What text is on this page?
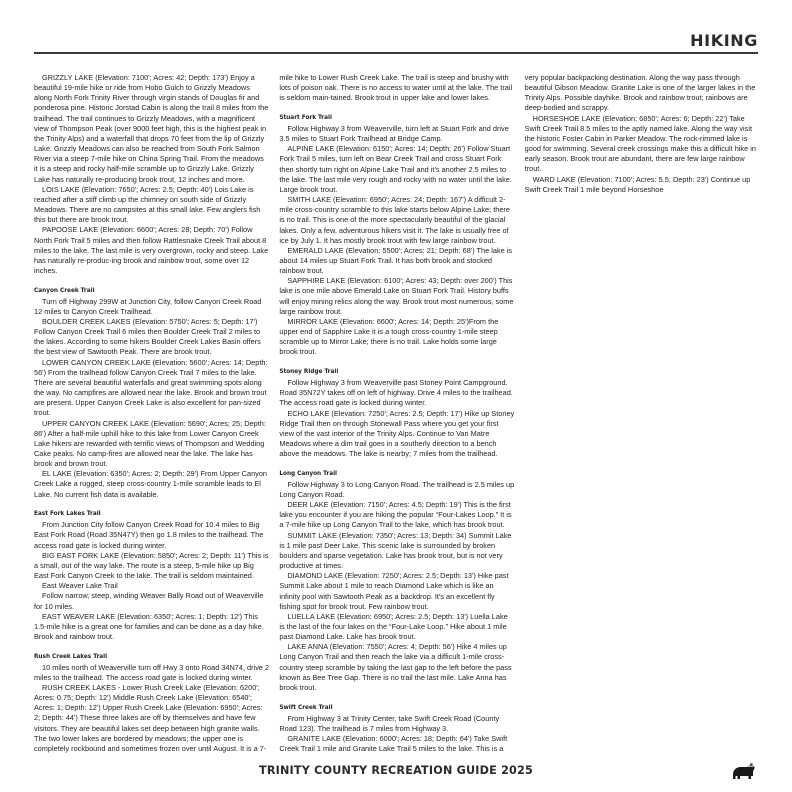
HIKING

GRIZZLY LAKE (Elevation: 7100'; Acres: 42; Depth: 173') Enjoy a beautiful 19-mile hike or ride from Hobo Gulch to Grizzly Meadows along North Fork Trinity River through virgin stands of Douglas fir and ponderosa pine. Historic Jorstad Cabin is along the trail 8 miles from the trailhead. The trail continues to Grizzly Meadows, with a magnificent view of Thompson Peak (over 9000 feet high, this is the highest peak in the Trinity Alps) and a waterfall that drops 70 feet from the lip of Grizzly Lake. Grizzly Meadows can also be reached from South Fork Salmon River via a steep 7-mile hike on China Spring Trail. From the meadows it is a steep and rocky half-mile scramble up to Grizzly Lake. Grizzly Lake has naturally re-producing brook trout, 12 inches and more.

LOIS LAKE (Elevation: 7650'; Acres: 2.5; Depth: 40') Lois Lake is reached after a stiff climb up the chimney on south side of Grizzly Meadows. There are no campsites at this small lake. Few anglers fish this but there are brook trout.

PAPOOSE LAKE (Elevation: 6600'; Acres: 28; Depth: 70') Follow North Fork Trail 5 miles and then follow Rattlesnake Creek Trail about 8 miles to the lake. The last mile is very overgrown, rocky and steep. Lake has naturally re-produc-ing brook and rainbow trout, some over 12 inches.

Canyon Creek Trail

Turn off Highway 299W at Junction City, follow Canyon Creek Road 12 miles to Canyon Creek Trailhead.

BOULDER CREEK LAKES (Elevation: 5750'; Acres: 5; Depth: 17') Follow Canyon Creek Trail 6 miles then Boulder Creek Trail 2 miles to the lakes. According to some hikers Boulder Creek Lakes Basin offers the best view of Sawtooth Peak. There are brook trout.

LOWER CANYON CREEK LAKE (Elevation: 5600'; Acres: 14; Depth: 56') From the trailhead follow Canyon Creek Trail 7 miles to the lake. There are several beautiful waterfalls and great swimming spots along the way. No campfires are allowed near the lake. Brook and brown trout are present. Upper Canyon Creek Lake is also excellent for pan-sized trout.

UPPER CANYON CREEK LAKE (Elevation: 5690'; Acres; 25; Depth: 86') After a half-mile uphill hike to this lake from Lower Canyon Creek Lake hikers are rewarded with terrific views of Thompson and Wedding Cake peaks. No camp-fires are allowed near the lake. The lake has brook and brown trout.

EL LAKE (Elevation: 6350'; Acres: 2; Depth: 29') From Upper Canyon Creek Lake a rugged, steep cross-country 1-mile scramble leads to El Lake. No current fish data is available.

East Fork Lakes Trail

From Junction City follow Canyon Creek Road for 10.4 miles to Big East Fork Road (Road 35N47Y) then go 1.8 miles to the trailhead. The access road gate is locked during winter.

BIG EAST FORK LAKE (Elevation: 5850'; Acres: 2; Depth: 11') This is a small, out of the way lake. The route is a steep, 5-mile hike up Big East Fork Canyon Creek to the lake. The trail is seldom maintained.

East Weaver Lake Trail

Follow narrow, steep, winding Weaver Bally Road out of Weaverville for 10 miles.

EAST WEAVER LAKE (Elevation: 6350'; Acres: 1; Depth: 12') This 1.5-mile hike is a great one for families and can be done as a day hike. Brook and rainbow trout.

Rush Creek Lakes Trail

10 miles north of Weaverville turn off Hwy 3 onto Road 34N74, drive 2 miles to the trailhead. The access road gate is locked during winter.

RUSH CREEK LAKES - Lower Rush Creek Lake (Elevation: 6200'; Acres: 0.75; Depth: 12') Middle Rush Creek Lake (Elevation: 6540'; Acres: 1; Depth: 12') Upper Rush Creek Lake (Elevation: 6950'; Acres: 2; Depth: 44') These three lakes are off by themselves and have few visitors. They are beautiful lakes set deep between high granite walls. The two lower lakes are bordered by meadows; the upper one is completely rockbound and sometimes frozen over until August. It is a 7-mile hike to Lower Rush Creek Lake. The trail is steep and brushy with lots of poison oak. There is no access to water until at the lake. The trail is seldom main-tained. Brook trout in upper lake and lower lakes.

Stuart Fork Trail

Follow Highway 3 from Weaverville, turn left at Stuart Fork and drive 3.5 miles to Stuart Fork Trailhead at Bridge Camp.

ALPINE LAKE (Elevation: 6150'; Acres: 14; Depth: 26') Follow Stuart Fork Trail 5 miles, turn left on Bear Creek Trail and cross Stuart Fork then shortly turn right on Alpine Lake Trail and it's another 2.5 miles to the lake. The last mile very rough and rocky with no water until the lake. Large brook trout.

SMITH LAKE (Elevation: 6950'; Acres: 24; Depth: 167') A difficult 2-mile cross-country scramble to this lake starts below Alpine Lake; there is no trail. This is one of the more spectacularly beautiful of the glacial lakes. Only a few, adventurous hikers visit it. The lake is usually free of ice by July 1. It has mostly brook trout with few large rainbow trout.

EMERALD LAKE (Elevation: 5500'; Acres: 21; Depth: 68') The lake is about 14 miles up Stuart Fork Trail. It has both brook and stocked rainbow trout.

SAPPHIRE LAKE (Elevation: 6100'; Acres: 43; Depth: over 200') This lake is one mile above Emerald Lake on Stuart Fork Trail. History buffs will enjoy mining relics along the way. Brook trout most numerous, some large rainbow trout.

MIRROR LAKE (Elevation: 6600'; Acres: 14; Depth: 25')From the upper end of Sapphire Lake it is a tough cross-country 1-mile steep scramble up to Mirror Lake; there is no trail. Lake holds some large brook trout.

Stoney Ridge Trail

Follow Highway 3 from Weaverville past Stoney Point Campground. Road 35N72Y takes off on left of highway. Drive 4 miles to the trailhead. The access road gate is locked during winter.

ECHO LAKE (Elevation: 7250'; Acres: 2.5; Depth: 17') Hike up Stoney Ridge Trail then on through Stonewall Pass where you get your first view of the vast interior of the Trinity Alps. Continue to Van Matre Meadows where a dim trail goes in a southerly direction to a bench above the meadows. The lake is nearby; 7 miles from the trailhead.

Long Canyon Trail

Follow Highway 3 to Long Canyon Road. The trailhead is 2.5 miles up Long Canyon Road.

DEER LAKE (Elevation: 7150'; Acres: 4.5; Depth: 19') This is the first lake you encounter if you are hiking the popular “Four-Lakes Loop.” It is a 7-mile hike up Long Canyon Trail to the lake, which has brook trout.

SUMMIT LAKE (Elevation: 7350'; Acres: 13; Depth: 34) Summit Lake is 1 mile past Deer Lake. This scenic lake is surrounded by broken boulders and sparse vegetation. Lake has brook trout, but is not very productive at times.

DIAMOND LAKE (Elevation: 7250'; Acres: 2.5; Depth: 13') Hike past Summit Lake about 1 mile to reach Diamond Lake which is like an infinity pool with Sawtooth Peak as a backdrop. It's an excellent fly fishing spot for brook trout. Few rainbow trout.

LUELLA LAKE (Elevation: 6950'; Acres: 2.5; Depth: 13') Luella Lake is the last of the four lakes on the “Four-Lake Loop.” Hike about 1 mile past Diamond Lake. Lake has brook trout.

LAKE ANNA (Elevation: 7550'; Acres: 4; Depth: 56') Hike 4 miles up Long Canyon Trail and then reach the lake via a difficult 1-mile cross-country steep scramble by taking the last gap to the left before the pass known as Bee Tree Gap. There is no trail the last mile. Lake Anna has brook trout.

Swift Creek Trail

From Highway 3 at Trinity Center, take Swift Creek Road (County Road 123). The trailhead is 7 miles from Highway 3.

GRANITE LAKE (Elevation: 6000'; Acres: 18; Depth: 64') Take Swift Creek Trail 1 mile and Granite Lake Trail 5 miles to the lake. This is a very popular backpacking destination. Along the way pass through beautiful Gibson Meadow. Granite Lake is one of the larger lakes in the Trinity Alps. Possible dayhike. Brook and rainbow trout; rainbows are deep-bodied and scrappy.

HORSESHOE LAKE (Elevation: 6850'; Acres: 6; Depth: 22') Take Swift Creek Trail 8.5 miles to the aptly named lake. Along the way visit the historic Foster Cabin in Parker Meadow. The rock-rimmed lake is good for swimming. Several creek crossings make this a difficult hike in early season. Brook trout are abundant, there are few large rainbow trout.

WARD LAKE (Elevation: 7100'; Acres: 5.5; Depth: 23') Continue up Swift Creek Trail 1 mile beyond Horseshoe

TRINITY COUNTY RECREATION GUIDE 2025	83
